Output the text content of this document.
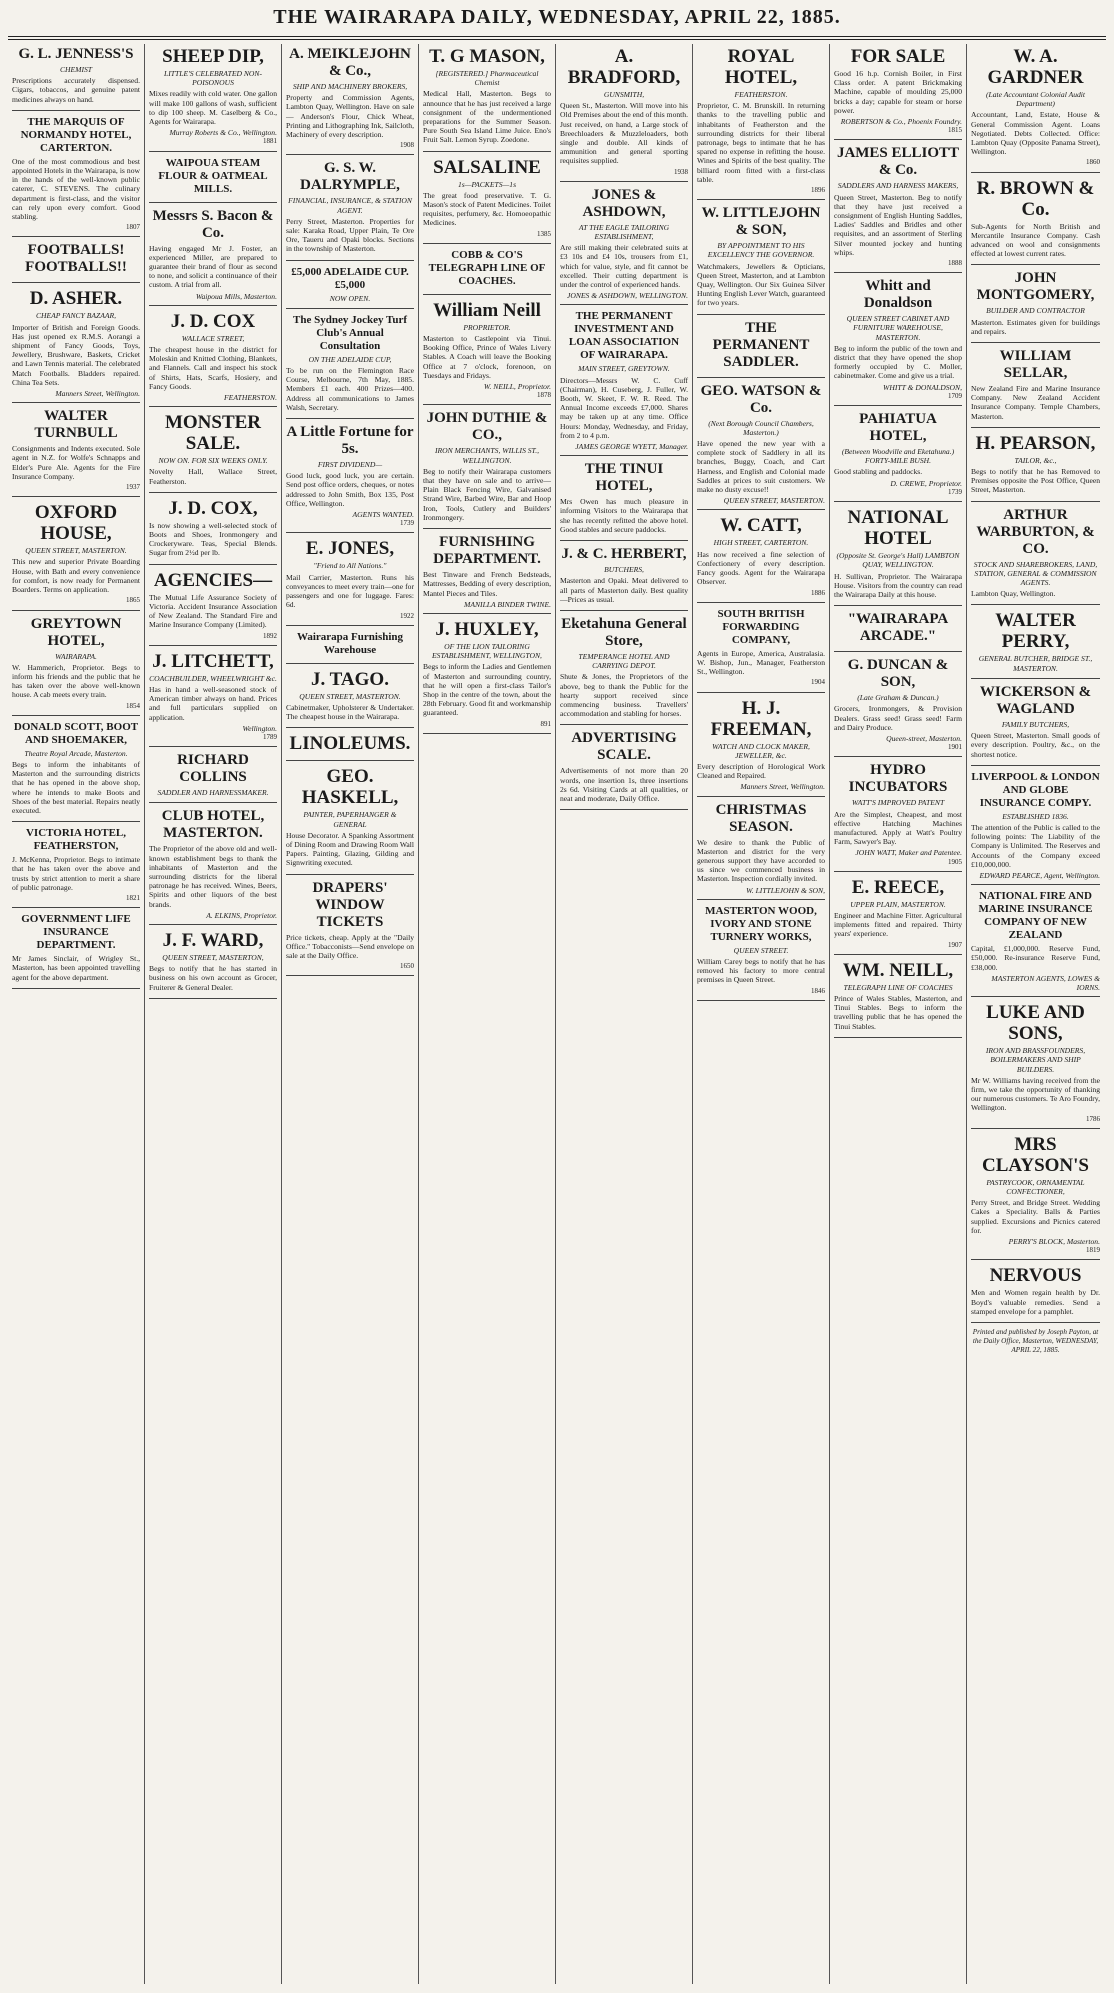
THE WAIRARAPA DAILY, WEDNESDAY, APRIL 22, 1885.
G. L. JENNESS'S
CHEMIST
Prescriptions accurately dispensed. Cigars, tobaccos, and genuine patent medicines always on hand.
THE MARQUIS OF NORMANDY HOTEL, CARTERTON.
One of the most commodious and best appointed Hotels in the Wairarapa, is now in the hands of the well-known public caterer, C. STEVENS. The culinary department is first-class, and the visitor can rely upon every comfort. Good stabling.
1807
FOOTBALLS! FOOTBALLS!!
D. ASHER.
CHEAP FANCY BAZAAR,
Importer of British and Foreign Goods. Has just opened ex R.M.S. Aorangi a shipment of Fancy Goods, Toys, Jewellery, Brushware, Baskets, Cricket and Lawn Tennis material. The celebrated Match Footballs. Bladders repaired. China Tea Sets.
Manners Street, Wellington.
WALTER TURNBULL
Consignments and Indents executed. Sole agent in N.Z. for Wolfe's Schnapps and Elder's Pure Ale. Agents for the Fire Insurance Company.
1937
OXFORD HOUSE,
QUEEN STREET, MASTERTON.
This new and superior Private Boarding House, with Bath and every convenience for comfort, is now ready for Permanent Boarders. Terms on application.
1865
GREYTOWN HOTEL,
WAIRARAPA.
W. Hammerich, Proprietor. Begs to inform his friends and the public that he has taken over the above well-known house. A cab meets every train.
1854
DONALD SCOTT, BOOT AND SHOEMAKER,
Theatre Royal Arcade, Masterton.
Begs to inform the inhabitants of Masterton and the surrounding districts that he has opened in the above shop, where he intends to make Boots and Shoes of the best material. Repairs neatly executed.
VICTORIA HOTEL, FEATHERSTON,
J. McKenna, Proprietor. Begs to intimate that he has taken over the above and trusts by strict attention to merit a share of public patronage.
1821
GOVERNMENT LIFE INSURANCE DEPARTMENT.
Mr James Sinclair, of Wrigley St., Masterton, has been appointed travelling agent for the above department.
SHEEP DIP,
LITTLE'S CELEBRATED NON-POISONOUS
Mixes readily with cold water. One gallon will make 100 gallons of wash, sufficient to dip 100 sheep. M. Caselberg & Co., Agents for Wairarapa.
Murray Roberts & Co., Wellington.
1881
WAIPOUA STEAM FLOUR & OATMEAL MILLS.
Messrs S. Bacon & Co.
Having engaged Mr J. Foster, an experienced Miller, are prepared to guarantee their brand of flour as second to none, and solicit a continuance of their custom. A trial from all.
Waipoua Mills, Masterton.
J. D. COX
WALLACE STREET,
The cheapest house in the district for Moleskin and Knitted Clothing, Blankets, and Flannels. Call and inspect his stock of Shirts, Hats, Scarfs, Hosiery, and Fancy Goods.
FEATHERSTON.
MONSTER SALE.
NOW ON. FOR SIX WEEKS ONLY.
Novelty Hall, Wallace Street, Featherston.
J. D. COX,
Is now showing a well-selected stock of Boots and Shoes, Ironmongery and Crockeryware. Teas, Special Blends. Sugar from 2½d per lb.
AGENCIES—
The Mutual Life Assurance Society of Victoria. Accident Insurance Association of New Zealand. The Standard Fire and Marine Insurance Company (Limited).
1892
J. LITCHETT,
COACHBUILDER, WHEELWRIGHT &c.
Has in hand a well-seasoned stock of American timber always on hand. Prices and full particulars supplied on application.
Wellington.
1789
RICHARD COLLINS
SADDLER AND HARNESSMAKER.
CLUB HOTEL, MASTERTON.
The Proprietor of the above old and well-known establishment begs to thank the inhabitants of Masterton and the surrounding districts for the liberal patronage he has received. Wines, Beers, Spirits and other liquors of the best brands.
A. ELKINS, Proprietor.
J. F. WARD,
QUEEN STREET, MASTERTON,
Begs to notify that he has started in business on his own account as Grocer, Fruiterer & General Dealer.
A. MEIKLEJOHN & Co.,
SHIP AND MACHINERY BROKERS,
Property and Commission Agents, Lambton Quay, Wellington. Have on sale— Anderson's Flour, Chick Wheat, Printing and Lithographing Ink, Sailcloth, Machinery of every description.
1908
G. S. W. DALRYMPLE,
FINANCIAL, INSURANCE, & STATION AGENT.
Perry Street, Masterton. Properties for sale: Karaka Road, Upper Plain, Te Ore Ore, Taueru and Opaki blocks. Sections in the township of Masterton.
£5,000 ADELAIDE CUP. £5,000
NOW OPEN.
The Sydney Jockey Turf Club's Annual Consultation
ON THE ADELAIDE CUP,
To be run on the Flemington Race Course, Melbourne, 7th May, 1885. Members £1 each. 400 Prizes—400. Address all communications to James Walsh, Secretary.
A Little Fortune for 5s.
FIRST DIVIDEND—
Good luck, good luck, you are certain. Send post office orders, cheques, or notes addressed to John Smith, Box 135, Post Office, Wellington.
AGENTS WANTED.
1739
E. JONES,
"Friend to All Nations."
Mail Carrier, Masterton. Runs his conveyances to meet every train—one for passengers and one for luggage. Fares: 6d.
1922
Wairarapa Furnishing Warehouse
J. TAGO.
QUEEN STREET, MASTERTON.
Cabinetmaker, Upholsterer & Undertaker. The cheapest house in the Wairarapa.
LINOLEUMS.
GEO. HASKELL,
PAINTER, PAPERHANGER & GENERAL
House Decorator. A Spanking Assortment of Dining Room and Drawing Room Wall Papers. Painting, Glazing, Gilding and Signwriting executed.
DRAPERS' WINDOW TICKETS
Price tickets, cheap. Apply at the "Daily Office." Tobacconists—Send envelope on sale at the Daily Office.
1650
T. G MASON,
[REGISTERED.] Pharmaceutical Chemist
Medical Hall, Masterton. Begs to announce that he has just received a large consignment of the undermentioned preparations for the Summer Season. Pure South Sea Island Lime Juice. Eno's Fruit Salt. Lemon Syrup. Zoedone.
SALSALINE
1s—PACKETS—1s
The great food preservative. T. G. Mason's stock of Patent Medicines. Toilet requisites, perfumery, &c. Homoeopathic Medicines.
1385
COBB & CO'S TELEGRAPH LINE OF COACHES.
William Neill
PROPRIETOR.
Masterton to Castlepoint via Tinui. Booking Office, Prince of Wales Livery Stables. A Coach will leave the Booking Office at 7 o'clock, forenoon, on Tuesdays and Fridays.
W. NEILL, Proprietor.
1878
JOHN DUTHIE & CO.,
IRON MERCHANTS, WILLIS ST., WELLINGTON.
Beg to notify their Wairarapa customers that they have on sale and to arrive— Plain Black Fencing Wire, Galvanised Strand Wire, Barbed Wire, Bar and Hoop Iron, Tools, Cutlery and Builders' Ironmongery.
FURNISHING DEPARTMENT.
Best Tinware and French Bedsteads, Mattresses, Bedding of every description, Mantel Pieces and Tiles.
MANILLA BINDER TWINE.
J. HUXLEY,
OF THE LION TAILORING ESTABLISHMENT, WELLINGTON,
Begs to inform the Ladies and Gentlemen of Masterton and surrounding country, that he will open a first-class Tailor's Shop in the centre of the town, about the 28th February. Good fit and workmanship guaranteed.
891
A. BRADFORD,
GUNSMITH,
Queen St., Masterton. Will move into his Old Premises about the end of this month. Just received, on hand, a Large stock of Breechloaders & Muzzleloaders, both single and double. All kinds of ammunition and general sporting requisites supplied.
1938
JONES & ASHDOWN,
AT THE EAGLE TAILORING ESTABLISHMENT,
Are still making their celebrated suits at £3 10s and £4 10s, trousers from £1, which for value, style, and fit cannot be excelled. Their cutting department is under the control of experienced hands.
JONES & ASHDOWN, WELLINGTON.
THE PERMANENT INVESTMENT AND LOAN ASSOCIATION OF WAIRARAPA.
MAIN STREET, GREYTOWN.
Directors—Messrs W. C. Cuff (Chairman), H. Cuseberg, J. Fuller, W. Booth, W. Skeet, F. W. R. Reed. The Annual Income exceeds £7,000. Shares may be taken up at any time. Office Hours: Monday, Wednesday, and Friday, from 2 to 4 p.m.
JAMES GEORGE WYETT, Manager.
THE TINUI HOTEL,
Mrs Owen has much pleasure in informing Visitors to the Wairarapa that she has recently refitted the above hotel. Good stables and secure paddocks.
J. & C. HERBERT,
BUTCHERS,
Masterton and Opaki. Meat delivered to all parts of Masterton daily. Best quality—Prices as usual.
Eketahuna General Store,
TEMPERANCE HOTEL AND CARRYING DEPOT.
Shute & Jones, the Proprietors of the above, beg to thank the Public for the hearty support received since commencing business. Travellers' accommodation and stabling for horses.
ADVERTISING SCALE.
Advertisements of not more than 20 words, one insertion 1s, three insertions 2s 6d. Visiting Cards at all qualities, or neat and moderate, Daily Office.
ROYAL HOTEL,
FEATHERSTON.
Proprietor, C. M. Brunskill. In returning thanks to the travelling public and inhabitants of Featherston and the surrounding districts for their liberal patronage, begs to intimate that he has spared no expense in refitting the house. Wines and Spirits of the best quality. The billiard room fitted with a first-class table.
1896
W. LITTLEJOHN & SON,
BY APPOINTMENT TO HIS EXCELLENCY THE GOVERNOR.
Watchmakers, Jewellers & Opticians, Queen Street, Masterton, and at Lambton Quay, Wellington. Our Six Guinea Silver Hunting English Lever Watch, guaranteed for two years.
THE PERMANENT SADDLER.
GEO. WATSON & Co.
(Next Borough Council Chambers, Masterton.)
Have opened the new year with a complete stock of Saddlery in all its branches, Buggy, Coach, and Cart Harness, and English and Colonial made Saddles at prices to suit customers. We make no dusty excuse!!
QUEEN STREET, MASTERTON.
W. CATT,
HIGH STREET, CARTERTON.
Has now received a fine selection of Confectionery of every description. Fancy goods. Agent for the Wairarapa Observer.
1886
SOUTH BRITISH FORWARDING COMPANY,
Agents in Europe, America, Australasia. W. Bishop, Jun., Manager, Featherston St., Wellington.
1904
H. J. FREEMAN,
WATCH AND CLOCK MAKER, JEWELLER, &c.
Every description of Horological Work Cleaned and Repaired.
Manners Street, Wellington.
CHRISTMAS SEASON.
We desire to thank the Public of Masterton and district for the very generous support they have accorded to us since we commenced business in Masterton. Inspection cordially invited.
W. LITTLEJOHN & SON,
MASTERTON WOOD, IVORY AND STONE TURNERY WORKS,
QUEEN STREET.
William Carey begs to notify that he has removed his factory to more central premises in Queen Street.
1846
FOR SALE
Good 16 h.p. Cornish Boiler, in First Class order. A patent Brickmaking Machine, capable of moulding 25,000 bricks a day; capable for steam or horse power.
ROBERTSON & Co., Phoenix Foundry.
1815
JAMES ELLIOTT & Co.
SADDLERS AND HARNESS MAKERS,
Queen Street, Masterton. Beg to notify that they have just received a consignment of English Hunting Saddles, Ladies' Saddles and Bridles and other requisites, and an assortment of Sterling Silver mounted jockey and hunting whips.
1888
Whitt and Donaldson
QUEEN STREET CABINET AND FURNITURE WAREHOUSE, MASTERTON.
Beg to inform the public of the town and district that they have opened the shop formerly occupied by C. Moller, cabinetmaker. Come and give us a trial.
WHITT & DONALDSON,
1709
PAHIATUA HOTEL,
(Between Woodville and Eketahuna.) FORTY-MILE BUSH.
Good stabling and paddocks.
D. CREWE, Proprietor.
1739
NATIONAL HOTEL
(Opposite St. George's Hall) LAMBTON QUAY, WELLINGTON.
H. Sullivan, Proprietor. The Wairarapa House. Visitors from the country can read the Wairarapa Daily at this house.
"WAIRARAPA ARCADE."
G. DUNCAN & SON,
(Late Graham & Duncan.)
Grocers, Ironmongers, & Provision Dealers. Grass seed! Grass seed! Farm and Dairy Produce.
Queen-street, Masterton.
1901
HYDRO INCUBATORS
WATT'S IMPROVED PATENT
Are the Simplest, Cheapest, and most effective Hatching Machines manufactured. Apply at Watt's Poultry Farm, Sawyer's Bay.
JOHN WATT, Maker and Patentee.
1905
E. REECE,
UPPER PLAIN, MASTERTON.
Engineer and Machine Fitter. Agricultural implements fitted and repaired. Thirty years' experience.
1907
WM. NEILL,
TELEGRAPH LINE OF COACHES
Prince of Wales Stables, Masterton, and Tinui Stables. Begs to inform the travelling public that he has opened the Tinui Stables.
W. A. GARDNER
(Late Accountant Colonial Audit Department)
Accountant, Land, Estate, House & General Commission Agent. Loans Negotiated. Debts Collected. Office: Lambton Quay (Opposite Panama Street), Wellington.
1860
R. BROWN & Co.
Sub-Agents for North British and Mercantile Insurance Company. Cash advanced on wool and consignments effected at lowest current rates.
JOHN MONTGOMERY,
BUILDER AND CONTRACTOR
Masterton. Estimates given for buildings and repairs.
WILLIAM SELLAR,
New Zealand Fire and Marine Insurance Company. New Zealand Accident Insurance Company. Temple Chambers, Masterton.
H. PEARSON,
TAILOR, &c.,
Begs to notify that he has Removed to Premises opposite the Post Office, Queen Street, Masterton.
ARTHUR WARBURTON, & CO.
STOCK AND SHAREBROKERS, LAND, STATION, GENERAL & COMMISSION AGENTS.
Lambton Quay, Wellington.
WALTER PERRY,
GENERAL BUTCHER, BRIDGE ST., MASTERTON.
WICKERSON & WAGLAND
FAMILY BUTCHERS,
Queen Street, Masterton. Small goods of every description. Poultry, &c., on the shortest notice.
LIVERPOOL & LONDON AND GLOBE INSURANCE COMPY.
ESTABLISHED 1836.
The attention of the Public is called to the following points: The Liability of the Company is Unlimited. The Reserves and Accounts of the Company exceed £10,000,000.
EDWARD PEARCE, Agent, Wellington.
NATIONAL FIRE AND MARINE INSURANCE COMPANY OF NEW ZEALAND
Capital, £1,000,000. Reserve Fund, £50,000. Re-insurance Reserve Fund, £38,000.
MASTERTON AGENTS, LOWES & IORNS.
LUKE AND SONS,
IRON AND BRASSFOUNDERS, BOILERMAKERS AND SHIP BUILDERS.
Mr W. Williams having received from the firm, we take the opportunity of thanking our numerous customers. Te Aro Foundry, Wellington.
1786
MRS CLAYSON'S
PASTRYCOOK, ORNAMENTAL CONFECTIONER,
Perry Street, and Bridge Street. Wedding Cakes a Speciality. Balls & Parties supplied. Excursions and Picnics catered for.
PERRY'S BLOCK, Masterton.
1819
NERVOUS
Men and Women regain health by Dr. Boyd's valuable remedies. Send a stamped envelope for a pamphlet.
Printed and published by Joseph Payton, at the Daily Office, Masterton, WEDNESDAY, APRIL 22, 1885.
